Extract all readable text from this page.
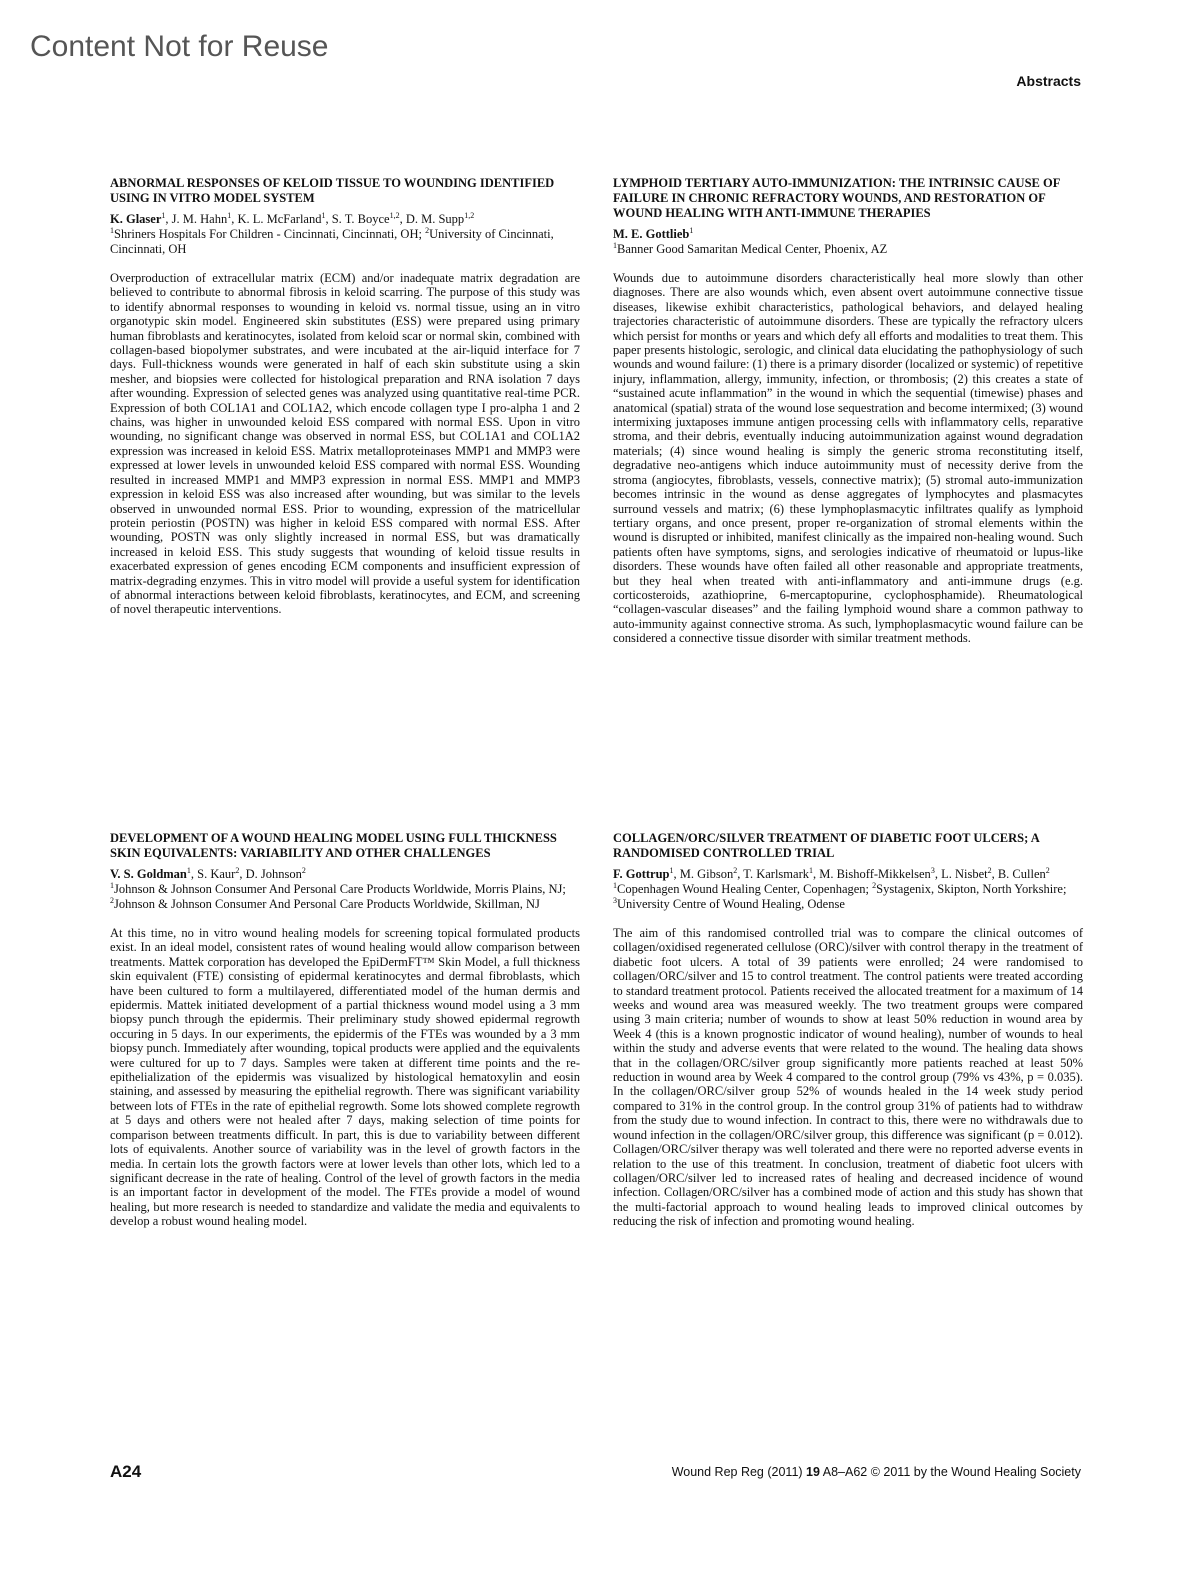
Content Not for Reuse
Abstracts
ABNORMAL RESPONSES OF KELOID TISSUE TO WOUNDING IDENTIFIED USING IN VITRO MODEL SYSTEM

K. Glaser$^1$, J. M. Hahn$^1$, K. L. McFarland$^1$, S. T. Boyce$^{1,2}$, D. M. Supp$^{1,2}$

$^1$Shriners Hospitals For Children - Cincinnati, Cincinnati, OH; $^2$University of Cincinnati, Cincinnati, OH

Overproduction of extracellular matrix (ECM) and/or inadequate matrix degradation are believed to contribute to abnormal fibrosis in keloid scarring. The purpose of this study was to identify abnormal responses to wounding in keloid vs. normal tissue, using an in vitro organotypic skin model. Engineered skin substitutes (ESS) were prepared using primary human fibroblasts and keratinocytes, isolated from keloid scar or normal skin, combined with collagen-based biopolymer substrates, and were incubated at the air-liquid interface for 7 days. Full-thickness wounds were generated in half of each skin substitute using a skin mesher, and biopsies were collected for histological preparation and RNA isolation 7 days after wounding. Expression of selected genes was analyzed using quantitative real-time PCR. Expression of both COL1A1 and COL1A2, which encode collagen type I pro-alpha 1 and 2 chains, was higher in unwounded keloid ESS compared with normal ESS. Upon in vitro wounding, no significant change was observed in normal ESS, but COL1A1 and COL1A2 expression was increased in keloid ESS. Matrix metalloproteinases MMP1 and MMP3 were expressed at lower levels in unwounded keloid ESS compared with normal ESS. Wounding resulted in increased MMP1 and MMP3 expression in normal ESS. MMP1 and MMP3 expression in keloid ESS was also increased after wounding, but was similar to the levels observed in unwounded normal ESS. Prior to wounding, expression of the matricellular protein periostin (POSTN) was higher in keloid ESS compared with normal ESS. After wounding, POSTN was only slightly increased in normal ESS, but was dramatically increased in keloid ESS. This study suggests that wounding of keloid tissue results in exacerbated expression of genes encoding ECM components and insufficient expression of matrix-degrading enzymes. This in vitro model will provide a useful system for identification of abnormal interactions between keloid fibroblasts, keratinocytes, and ECM, and screening of novel therapeutic interventions.

LYMPHOID TERTIARY AUTO-IMMUNIZATION: THE INTRINSIC CAUSE OF FAILURE IN CHRONIC REFRACTORY WOUNDS, AND RESTORATION OF WOUND HEALING WITH ANTI-IMMUNE THERAPIES

M. E. Gottlieb$^1$

$^1$Banner Good Samaritan Medical Center, Phoenix, AZ

Wounds due to autoimmune disorders characteristically heal more slowly than other diagnoses. There are also wounds which, even absent overt autoimmune connective tissue diseases, likewise exhibit characteristics, pathological behaviors, and delayed healing trajectories characteristic of autoimmune disorders. These are typically the refractory ulcers which persist for months or years and which defy all efforts and modalities to treat them. This paper presents histologic, serologic, and clinical data elucidating the pathophysiology of such wounds and wound failure: (1) there is a primary disorder (localized or systemic) of repetitive injury, inflammation, allergy, immunity, infection, or thrombosis; (2) this creates a state of “sustained acute inflammation” in the wound in which the sequential (timewise) phases and anatomical (spatial) strata of the wound lose sequestration and become intermixed; (3) wound intermixing juxtaposes immune antigen processing cells with inflammatory cells, reparative stroma, and their debris, eventually inducing autoimmunization against wound degradation materials; (4) since wound healing is simply the generic stroma reconstituting itself, degradative neo-antigens which induce autoimmunity must of necessity derive from the stroma (angiocytes, fibroblasts, vessels, connective matrix); (5) stromal auto-immunization becomes intrinsic in the wound as dense aggregates of lymphocytes and plasmacytes surround vessels and matrix; (6) these lymphoplasmacytic infiltrates qualify as lymphoid tertiary organs, and once present, proper re-organization of stromal elements within the wound is disrupted or inhibited, manifest clinically as the impaired non-healing wound. Such patients often have symptoms, signs, and serologies indicative of rheumatoid or lupus-like disorders. These wounds have often failed all other reasonable and appropriate treatments, but they heal when treated with anti-inflammatory and anti-immune drugs (e.g. corticosteroids, azathioprine, 6-mercaptopurine, cyclophosphamide). Rheumatological “collagen-vascular diseases” and the failing lymphoid wound share a common pathway to auto-immunity against connective stroma. As such, lymphoplasmacytic wound failure can be considered a connective tissue disorder with similar treatment methods.

DEVELOPMENT OF A WOUND HEALING MODEL USING FULL THICKNESS SKIN EQUIVALENTS: VARIABILITY AND OTHER CHALLENGES

V. S. Goldman$^1$, S. Kaur$^2$, D. Johnson$^2$

$^1$Johnson & Johnson Consumer And Personal Care Products Worldwide, Morris Plains, NJ; $^2$Johnson & Johnson Consumer And Personal Care Products Worldwide, Skillman, NJ

At this time, no in vitro wound healing models for screening topical formulated products exist. In an ideal model, consistent rates of wound healing would allow comparison between treatments. Mattek corporation has developed the EpiDermFT™ Skin Model, a full thickness skin equivalent (FTE) consisting of epidermal keratinocytes and dermal fibroblasts, which have been cultured to form a multilayered, differentiated model of the human dermis and epidermis. Mattek initiated development of a partial thickness wound model using a 3 mm biopsy punch through the epidermis. Their preliminary study showed epidermal regrowth occuring in 5 days. In our experiments, the epidermis of the FTEs was wounded by a 3 mm biopsy punch. Immediately after wounding, topical products were applied and the equivalents were cultured for up to 7 days. Samples were taken at different time points and the re-epithelialization of the epidermis was visualized by histological hematoxylin and eosin staining, and assessed by measuring the epithelial regrowth. There was significant variability between lots of FTEs in the rate of epithelial regrowth. Some lots showed complete regrowth at 5 days and others were not healed after 7 days, making selection of time points for comparison between treatments difficult. In part, this is due to variability between different lots of equivalents. Another source of variability was in the level of growth factors in the media. In certain lots the growth factors were at lower levels than other lots, which led to a significant decrease in the rate of healing. Control of the level of growth factors in the media is an important factor in development of the model. The FTEs provide a model of wound healing, but more research is needed to standardize and validate the media and equivalents to develop a robust wound healing model.

COLLAGEN/ORC/SILVER TREATMENT OF DIABETIC FOOT ULCERS; A RANDOMISED CONTROLLED TRIAL

F. Gottrup$^1$, M. Gibson$^2$, T. Karlsmark$^1$, M. Bishoff-Mikkelsen$^3$, L. Nisbet$^2$, B. Cullen$^2$

$^1$Copenhagen Wound Healing Center, Copenhagen; $^2$Systagenix, Skipton, North Yorkshire; $^3$University Centre of Wound Healing, Odense

The aim of this randomised controlled trial was to compare the clinical outcomes of collagen/oxidised regenerated cellulose (ORC)/silver with control therapy in the treatment of diabetic foot ulcers. A total of 39 patients were enrolled; 24 were randomised to collagen/ORC/silver and 15 to control treatment. The control patients were treated according to standard treatment protocol. Patients received the allocated treatment for a maximum of 14 weeks and wound area was measured weekly. The two treatment groups were compared using 3 main criteria; number of wounds to show at least 50% reduction in wound area by Week 4 (this is a known prognostic indicator of wound healing), number of wounds to heal within the study and adverse events that were related to the wound. The healing data shows that in the collagen/ORC/silver group significantly more patients reached at least 50% reduction in wound area by Week 4 compared to the control group (79% vs 43%, p = 0.035). In the collagen/ORC/silver group 52% of wounds healed in the 14 week study period compared to 31% in the control group. In the control group 31% of patients had to withdraw from the study due to wound infection. In contract to this, there were no withdrawals due to wound infection in the collagen/ORC/silver group, this difference was significant (p = 0.012). Collagen/ORC/silver therapy was well tolerated and there were no reported adverse events in relation to the use of this treatment. In conclusion, treatment of diabetic foot ulcers with collagen/ORC/silver led to increased rates of healing and decreased incidence of wound infection. Collagen/ORC/silver has a combined mode of action and this study has shown that the multi-factorial approach to wound healing leads to improved clinical outcomes by reducing the risk of infection and promoting wound healing.

A24	Wound Rep Reg (2011) 19 A8–A62 © 2011 by the Wound Healing Society
